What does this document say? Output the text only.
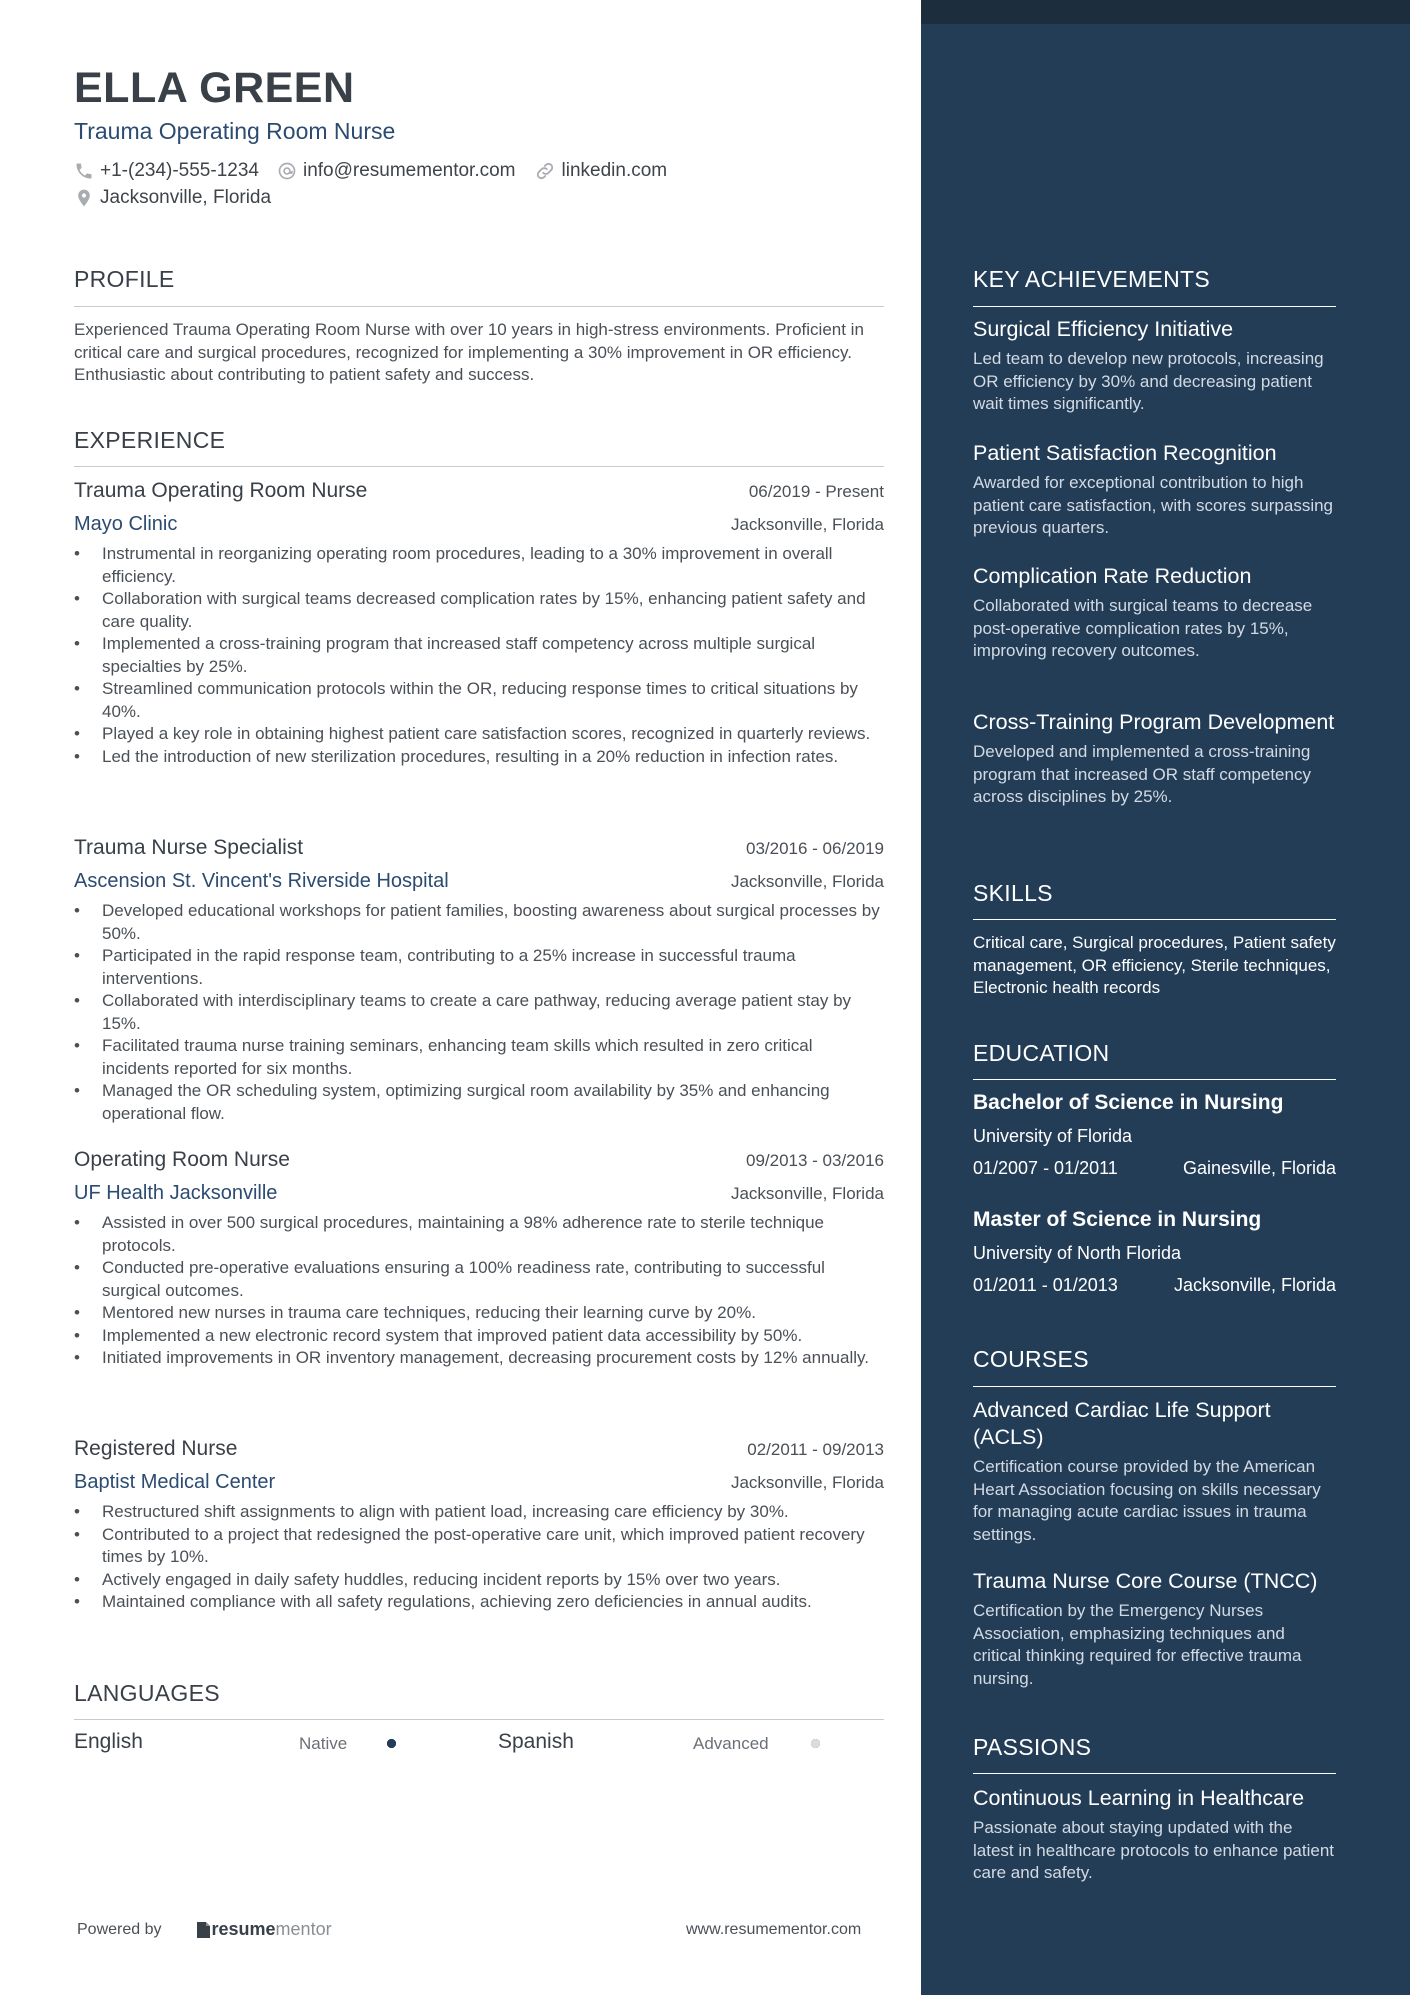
ELLA GREEN
Trauma Operating Room Nurse
+1-(234)-555-1234 info@resumementor.com linkedin.com
Jacksonville, Florida
PROFILE
Experienced Trauma Operating Room Nurse with over 10 years in high-stress environments. Proficient in critical care and surgical procedures, recognized for implementing a 30% improvement in OR efficiency. Enthusiastic about contributing to patient safety and success.
EXPERIENCE
Trauma Operating Room Nurse	06/2019 - Present
Mayo Clinic	Jacksonville, Florida
• Instrumental in reorganizing operating room procedures, leading to a 30% improvement in overall efficiency.
• Collaboration with surgical teams decreased complication rates by 15%, enhancing patient safety and care quality.
• Implemented a cross-training program that increased staff competency across multiple surgical specialties by 25%.
• Streamlined communication protocols within the OR, reducing response times to critical situations by 40%.
• Played a key role in obtaining highest patient care satisfaction scores, recognized in quarterly reviews.
• Led the introduction of new sterilization procedures, resulting in a 20% reduction in infection rates.
Trauma Nurse Specialist	03/2016 - 06/2019
Ascension St. Vincent's Riverside Hospital	Jacksonville, Florida
• Developed educational workshops for patient families, boosting awareness about surgical processes by 50%.
• Participated in the rapid response team, contributing to a 25% increase in successful trauma interventions.
• Collaborated with interdisciplinary teams to create a care pathway, reducing average patient stay by 15%.
• Facilitated trauma nurse training seminars, enhancing team skills which resulted in zero critical incidents reported for six months.
• Managed the OR scheduling system, optimizing surgical room availability by 35% and enhancing operational flow.
Operating Room Nurse	09/2013 - 03/2016
UF Health Jacksonville	Jacksonville, Florida
• Assisted in over 500 surgical procedures, maintaining a 98% adherence rate to sterile technique protocols.
• Conducted pre-operative evaluations ensuring a 100% readiness rate, contributing to successful surgical outcomes.
• Mentored new nurses in trauma care techniques, reducing their learning curve by 20%.
• Implemented a new electronic record system that improved patient data accessibility by 50%.
• Initiated improvements in OR inventory management, decreasing procurement costs by 12% annually.
Registered Nurse	02/2011 - 09/2013
Baptist Medical Center	Jacksonville, Florida
• Restructured shift assignments to align with patient load, increasing care efficiency by 30%.
• Contributed to a project that redesigned the post-operative care unit, which improved patient recovery times by 10%.
• Actively engaged in daily safety huddles, reducing incident reports by 15% over two years.
• Maintained compliance with all safety regulations, achieving zero deficiencies in annual audits.
LANGUAGES
English	Native	Spanish	Advanced
Powered by	resume mentor	www.resumementor.com
KEY ACHIEVEMENTS
Surgical Efficiency Initiative
Led team to develop new protocols, increasing OR efficiency by 30% and decreasing patient wait times significantly.
Patient Satisfaction Recognition
Awarded for exceptional contribution to high patient care satisfaction, with scores surpassing previous quarters.
Complication Rate Reduction
Collaborated with surgical teams to decrease post-operative complication rates by 15%, improving recovery outcomes.
Cross-Training Program Development
Developed and implemented a cross-training program that increased OR staff competency across disciplines by 25%.
SKILLS
Critical care, Surgical procedures, Patient safety management, OR efficiency, Sterile techniques, Electronic health records
EDUCATION
Bachelor of Science in Nursing
University of Florida
01/2007 - 01/2011	Gainesville, Florida
Master of Science in Nursing
University of North Florida
01/2011 - 01/2013	Jacksonville, Florida
COURSES
Advanced Cardiac Life Support (ACLS)
Certification course provided by the American Heart Association focusing on skills necessary for managing acute cardiac issues in trauma settings.
Trauma Nurse Core Course (TNCC)
Certification by the Emergency Nurses Association, emphasizing techniques and critical thinking required for effective trauma nursing.
PASSIONS
Continuous Learning in Healthcare
Passionate about staying updated with the latest in healthcare protocols to enhance patient care and safety.
